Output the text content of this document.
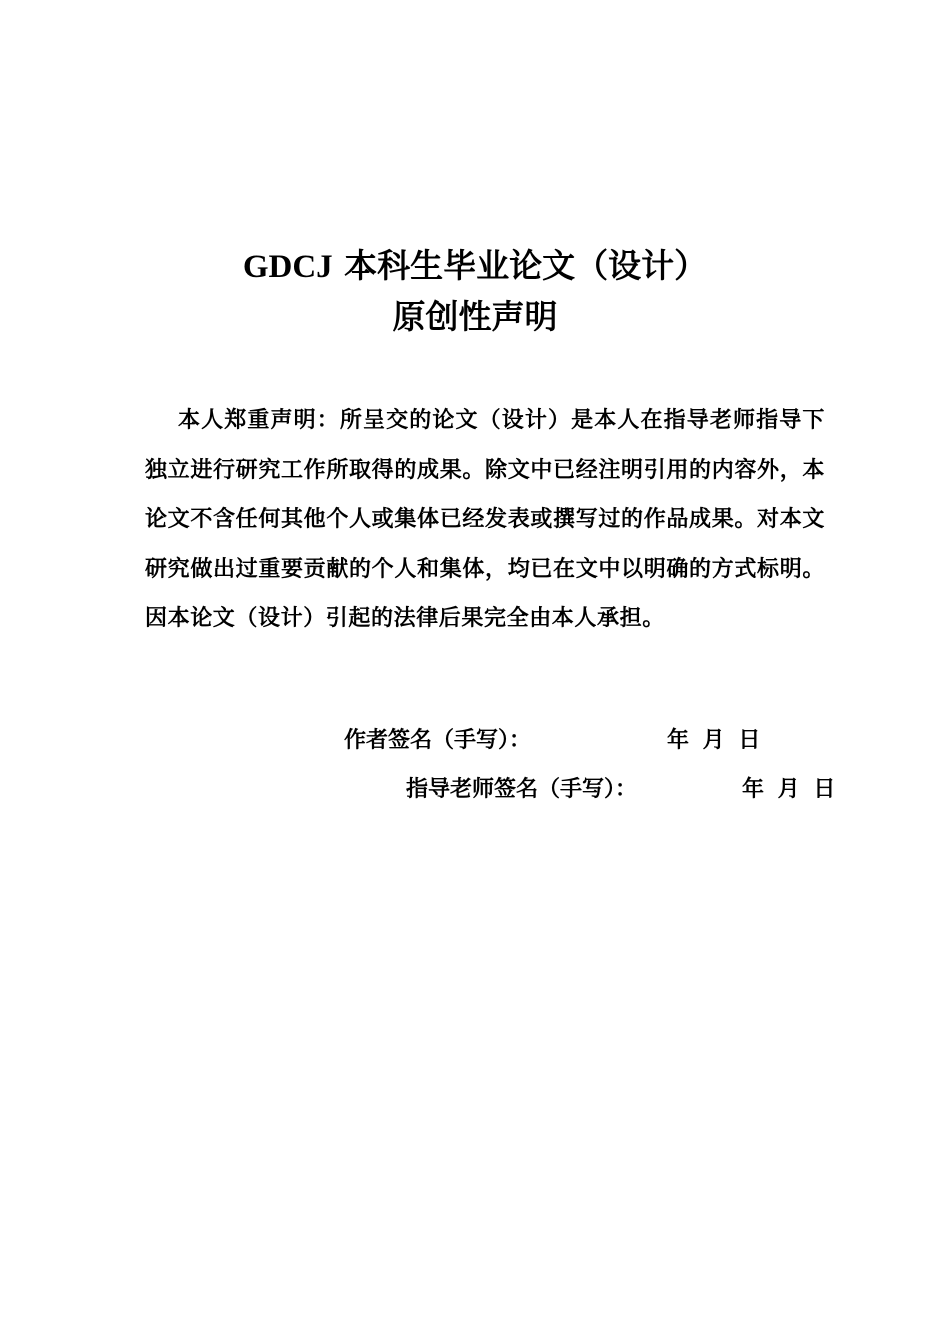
GDCJ 本科生毕业论文（设计）
原创性声明
本人郑重声明：所呈交的论文（设计）是本人在指导老师指导下独立进行研究工作所取得的成果。除文中已经注明引用的内容外，本论文不含任何其他个人或集体已经发表或撰写过的作品成果。对本文研究做出过重要贡献的个人和集体，均已在文中以明确的方式标明。因本论文（设计）引起的法律后果完全由本人承担。
作者签名（手写）：	年 月 日
指导老师签名（手写）：	年 月 日
